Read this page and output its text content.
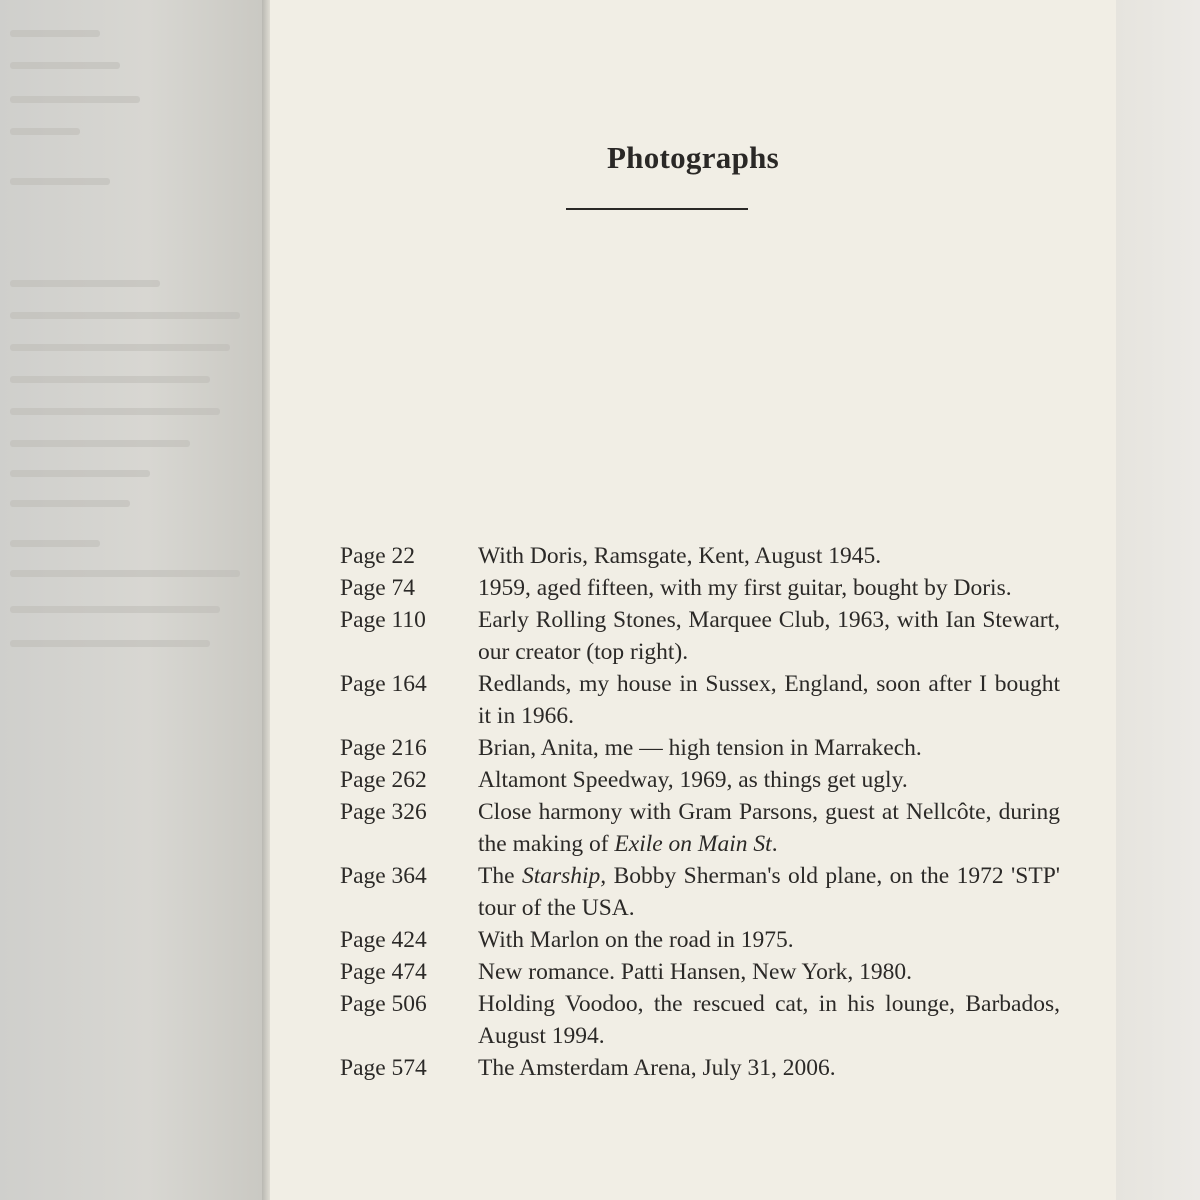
Photographs
Page 22	With Doris, Ramsgate, Kent, August 1945.
Page 74	1959, aged fifteen, with my first guitar, bought by Doris.
Page 110	Early Rolling Stones, Marquee Club, 1963, with Ian Stewart, our creator (top right).
Page 164	Redlands, my house in Sussex, England, soon after I bought it in 1966.
Page 216	Brian, Anita, me — high tension in Marrakech.
Page 262	Altamont Speedway, 1969, as things get ugly.
Page 326	Close harmony with Gram Parsons, guest at Nellcôte, during the making of Exile on Main St.
Page 364	The Starship, Bobby Sherman's old plane, on the 1972 'STP' tour of the USA.
Page 424	With Marlon on the road in 1975.
Page 474	New romance. Patti Hansen, New York, 1980.
Page 506	Holding Voodoo, the rescued cat, in his lounge, Barbados, August 1994.
Page 574	The Amsterdam Arena, July 31, 2006.
